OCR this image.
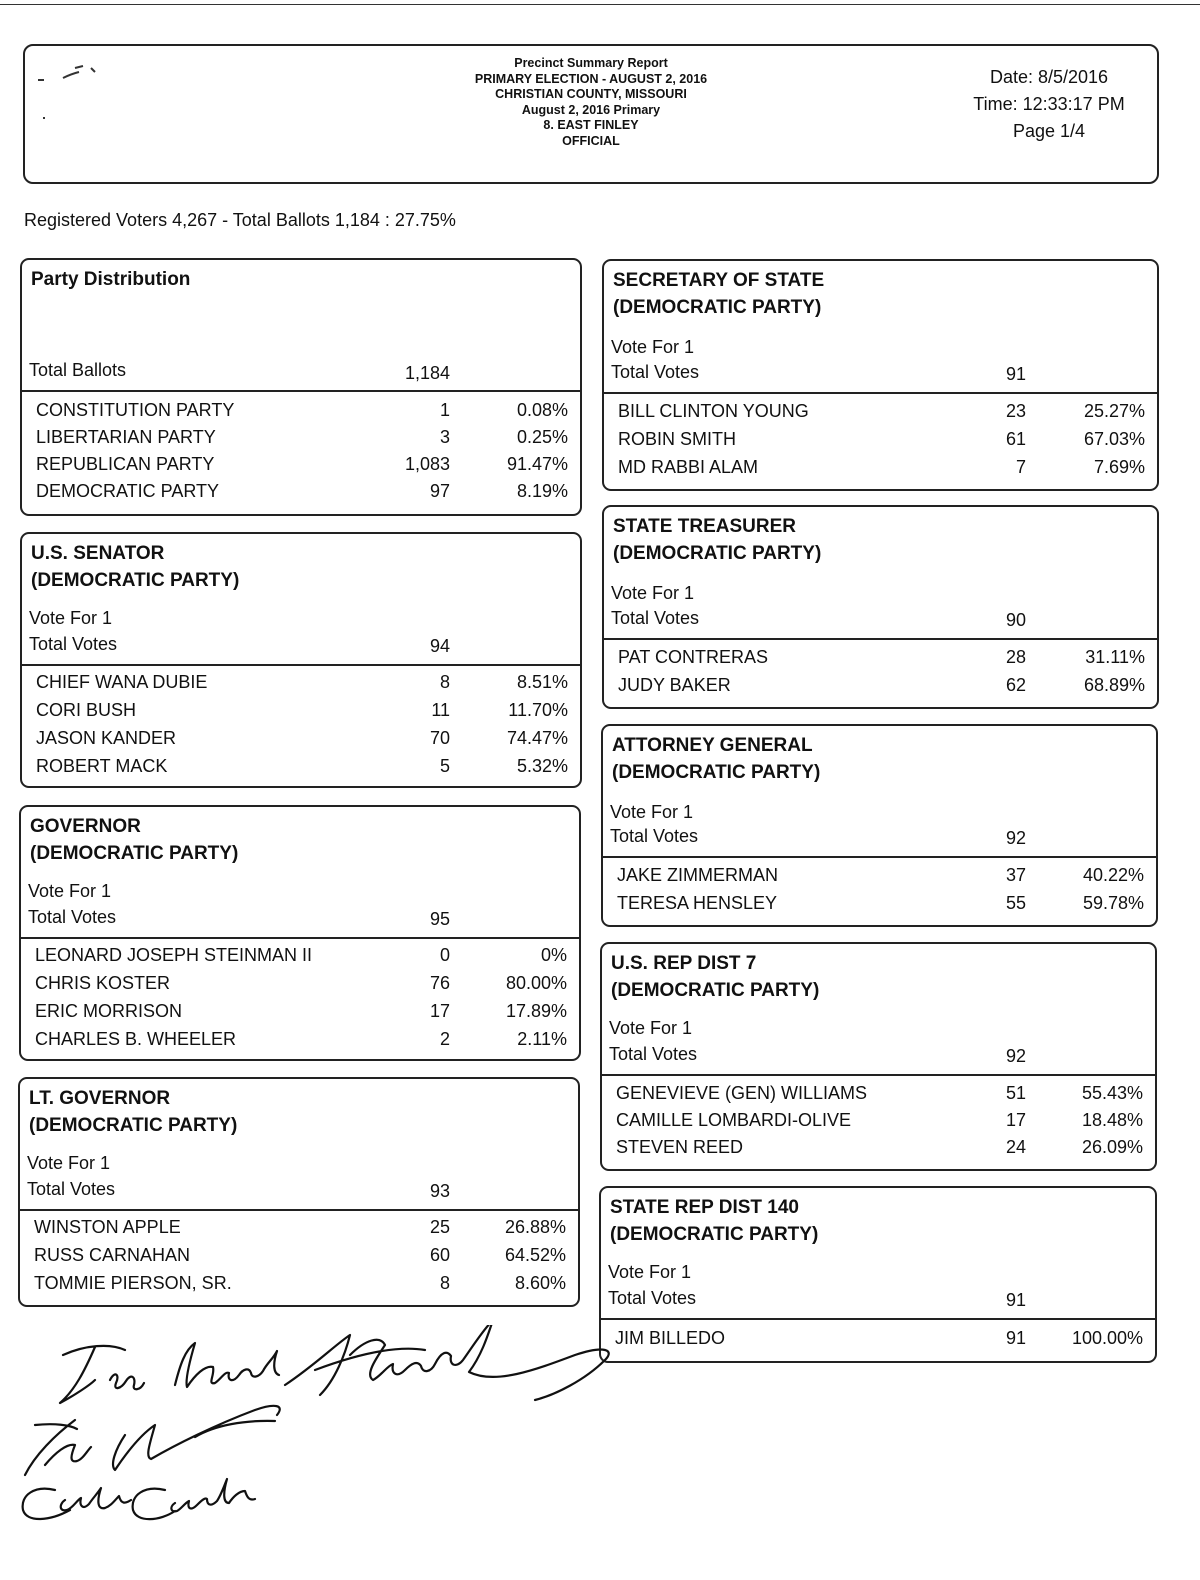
Precinct Summary Report
PRIMARY ELECTION - AUGUST 2, 2016
CHRISTIAN COUNTY, MISSOURI
August 2, 2016 Primary
8. EAST FINLEY
OFFICIAL
Date: 8/5/2016
Time: 12:33:17 PM
Page 1/4
Registered Voters 4,267 - Total Ballots 1,184 : 27.75%
Party Distribution
Total Ballots	1,184
CONSTITUTION PARTY	1	0.08%
LIBERTARIAN PARTY	3	0.25%
REPUBLICAN PARTY	1,083	91.47%
DEMOCRATIC PARTY	97	8.19%
U.S. SENATOR
(DEMOCRATIC PARTY)
Vote For 1
Total Votes	94
CHIEF WANA DUBIE	8	8.51%
CORI BUSH	11	11.70%
JASON KANDER	70	74.47%
ROBERT MACK	5	5.32%
GOVERNOR
(DEMOCRATIC PARTY)
Vote For 1
Total Votes	95
LEONARD JOSEPH STEINMAN II	0	0%
CHRIS KOSTER	76	80.00%
ERIC MORRISON	17	17.89%
CHARLES B. WHEELER	2	2.11%
LT. GOVERNOR
(DEMOCRATIC PARTY)
Vote For 1
Total Votes	93
WINSTON APPLE	25	26.88%
RUSS CARNAHAN	60	64.52%
TOMMIE PIERSON, SR.	8	8.60%
SECRETARY OF STATE
(DEMOCRATIC PARTY)
Vote For 1
Total Votes	91
BILL CLINTON YOUNG	23	25.27%
ROBIN SMITH	61	67.03%
MD RABBI ALAM	7	7.69%
STATE TREASURER
(DEMOCRATIC PARTY)
Vote For 1
Total Votes	90
PAT CONTRERAS	28	31.11%
JUDY BAKER	62	68.89%
ATTORNEY GENERAL
(DEMOCRATIC PARTY)
Vote For 1
Total Votes	92
JAKE ZIMMERMAN	37	40.22%
TERESA HENSLEY	55	59.78%
U.S. REP DIST 7
(DEMOCRATIC PARTY)
Vote For 1
Total Votes	92
GENEVIEVE (GEN) WILLIAMS	51	55.43%
CAMILLE LOMBARDI-OLIVE	17	18.48%
STEVEN REED	24	26.09%
STATE REP DIST 140
(DEMOCRATIC PARTY)
Vote For 1
Total Votes	91
JIM BILLEDO	91	100.00%
